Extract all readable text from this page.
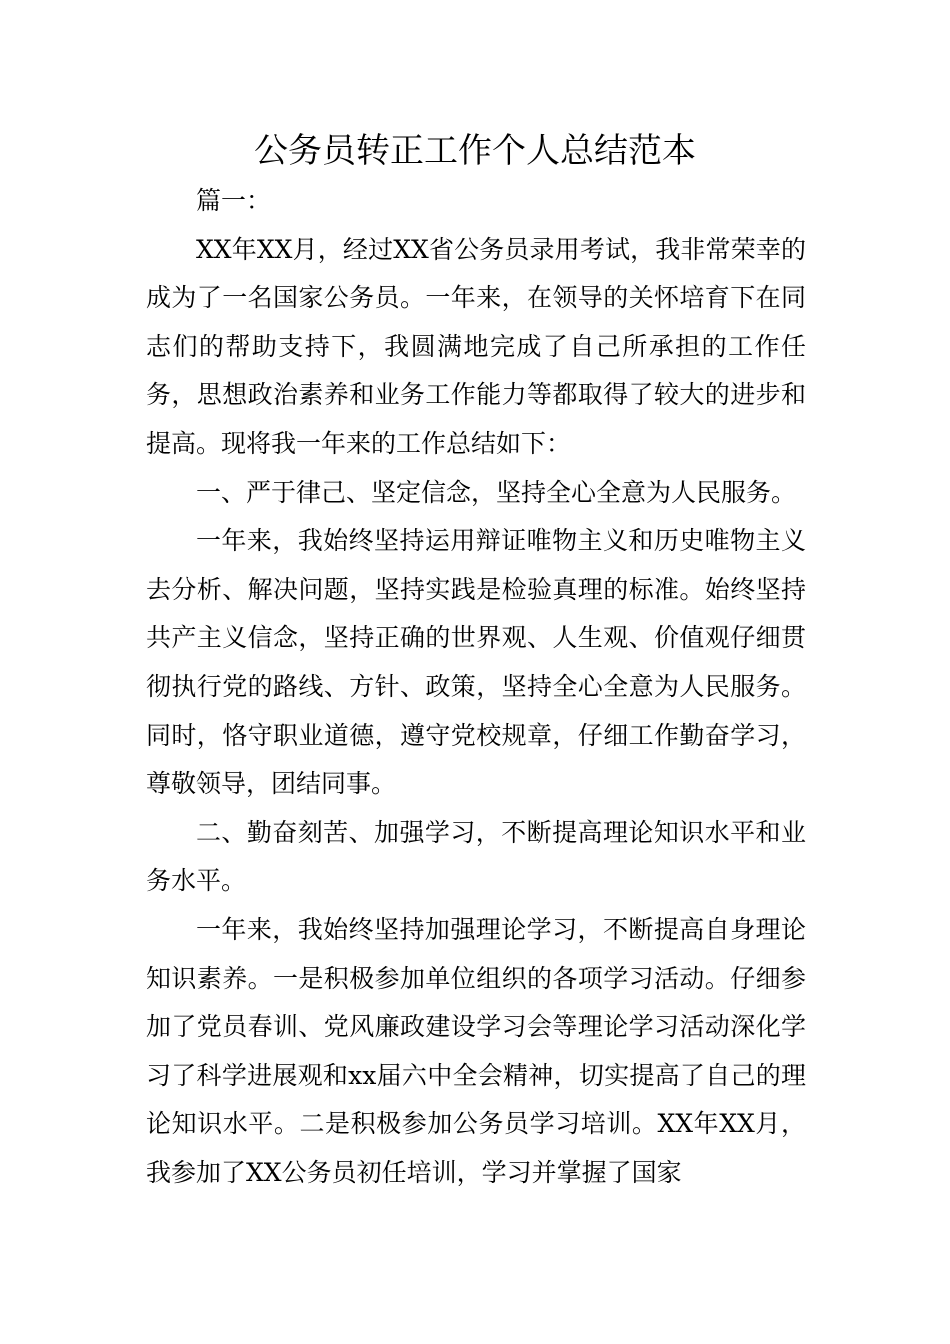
公务员转正工作个人总结范本

篇一：

XX年XX月，经过XX省公务员录用考试，我非常荣幸的成为了一名国家公务员。一年来，在领导的关怀培育下在同志们的帮助支持下，我圆满地完成了自己所承担的工作任务，思想政治素养和业务工作能力等都取得了较大的进步和提高。现将我一年来的工作总结如下：

一、严于律己、坚定信念，坚持全心全意为人民服务。

一年来，我始终坚持运用辩证唯物主义和历史唯物主义去分析、解决问题，坚持实践是检验真理的标准。始终坚持共产主义信念，坚持正确的世界观、人生观、价值观仔细贯彻执行党的路线、方针、政策，坚持全心全意为人民服务。同时，恪守职业道德，遵守党校规章，仔细工作勤奋学习，尊敬领导，团结同事。

二、勤奋刻苦、加强学习，不断提高理论知识水平和业务水平。

一年来，我始终坚持加强理论学习，不断提高自身理论知识素养。一是积极参加单位组织的各项学习活动。仔细参加了党员春训、党风廉政建设学习会等理论学习活动深化学习了科学进展观和xx届六中全会精神，切实提高了自己的理论知识水平。二是积极参加公务员学习培训。XX年XX月，我参加了XX公务员初任培训，学习并掌握了国家
